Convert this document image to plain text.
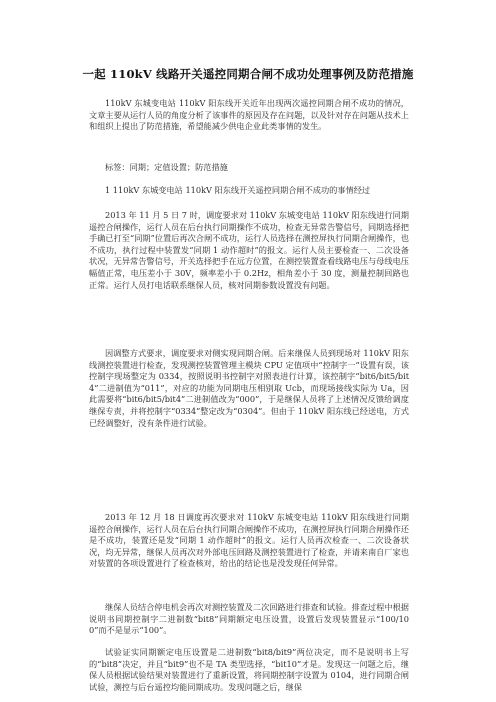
一起 110kV 线路开关遥控同期合闸不成功处理事例及防范措施

110kV 东城变电站 110kV 阳东线开关近年出现两次遥控同期合闸不成功的情况，文章主要从运行人员的角度分析了该事件的原因及存在问题，以及针对存在问题从技术上和组织上提出了防范措施，希望能减少供电企业此类事情的发生。

标签：同期；定值设置；防范措施
1 110kV 东城变电站 110kV 阳东线开关遥控同期合闸不成功的事情经过

2013 年 11 月 5 日 7 时，调度要求对 110kV 东城变电站 110kV 阳东线进行同期遥控合闸操作，运行人员在后台执行同期操作不成功，检查无异常告警信号，同期选择把手确已打至“同期”位置后再次合闸不成功，运行人员选择在测控屏执行同期合闸操作，也不成功，执行过程中装置发“同期 1 动作超时”的报文。运行人员主要检查一、二次设备状况，无异常告警信号，开关选择把手在远方位置，在测控装置查看线路电压与母线电压幅值正常，电压差小于 30V，频率差小于 0.2Hz，相角差小于 30 度，测量控制回路也正常。运行人员打电话联系继保人员，核对同期参数设置没有问题。

因调整方式要求，调度要求对侧实现同期合闸。后来继保人员到现场对 110kV 阳东线测控装置进行检查，发现测控装置管理主模块 CPU 定值项中“控制字一”设置有误，该控制字现场整定为 0334，按照说明书控制字对照表进行计算，该控制字“bit6/bit5/bit4”二进制值为“011”，对应的功能为同期电压相别取 Ucb，而现场接线实际为 Ua，因此需要将“bit6/bit5/bit4”二进制值改为“000”，于是继保人员将了上述情况反馈给调度继保专责，并将控制字“0334”整定改为“0304”。但由于 110kV 阳东线已经送电，方式已经调整好，没有条件进行试验。

2013 年 12 月 18 日调度再次要求对 110kV 东城变电站 110kV 阳东线进行同期遥控合闸操作，运行人员在后台执行同期合闸操作不成功，在测控屏执行同期合闸操作还是不成功，装置还是发“同期 1 动作超时”的报文。运行人员再次检查一、二次设备状况，均无异常，继保人员再次对外部电压回路及测控装置进行了检查，并请来南自厂家也对装置的各项设置进行了检查核对，给出的结论也是没发现任何异常。

继保人员结合停电机会再次对测控装置及二次回路进行排查和试验。排查过程中根据说明书同期控制字二进制数“bit8”同期额定电压设置，设置后发现装置显示“100/100”而不是显示“100”。

试验证实同期额定电压设置是二进制数“bit8/bit9”两位决定，而不是说明书上写的“bit8”决定，并且“bit9”也不是 TA 类型选择，“bit10”才是。发现这一问题之后，继保人员根据试验结果对装置进行了重新设置，将同期控制字设置为 0104，进行同期合闸试验，测控与后台遥控均能同期成功。发现问题之后，继保
